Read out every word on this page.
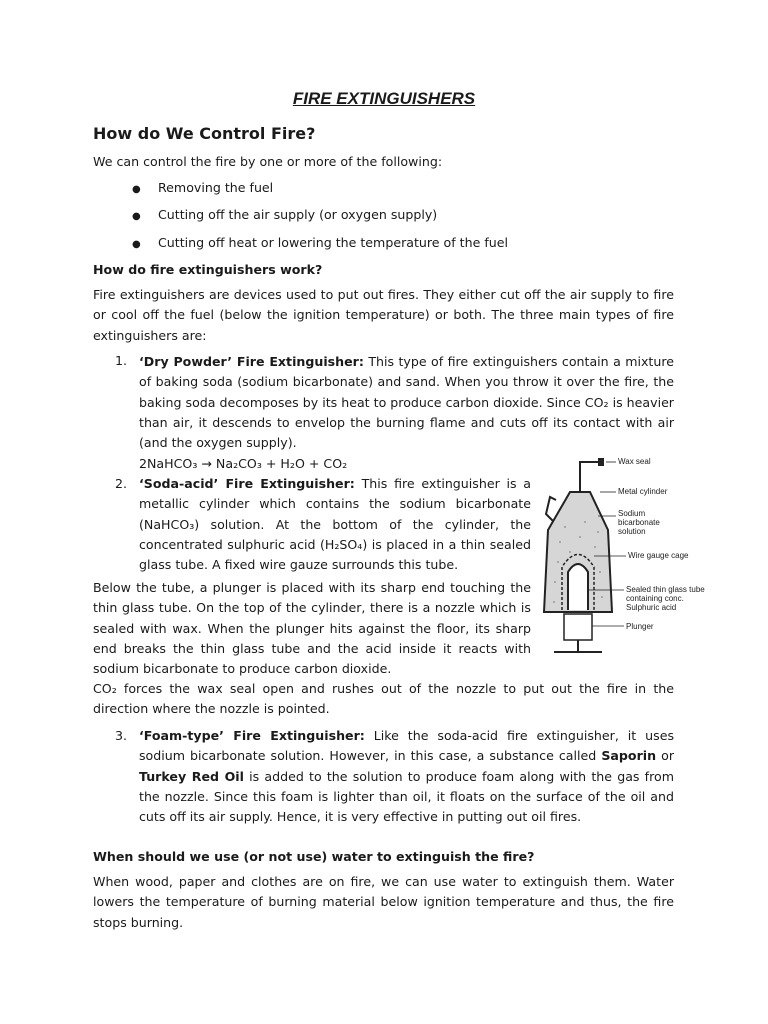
FIRE EXTINGUISHERS
How do We Control Fire?
We can control the fire by one or more of the following:
● Removing the fuel
● Cutting off the air supply (or oxygen supply)
● Cutting off heat or lowering the temperature of the fuel
How do fire extinguishers work?
Fire extinguishers are devices used to put out fires. They either cut off the air supply to fire or cool off the fuel (below the ignition temperature) or both. The three main types of fire extinguishers are:
1. ‘Dry Powder’ Fire Extinguisher: This type of fire extinguishers contain a mixture of baking soda (sodium bicarbonate) and sand. When you throw it over the fire, the baking soda decomposes by its heat to produce carbon dioxide. Since CO₂ is heavier than air, it descends to envelop the burning flame and cuts off its contact with air (and the oxygen supply).
2NaHCO₃ → Na₂CO₃ + H₂O + CO₂
2. ‘Soda-acid’ Fire Extinguisher: This fire extinguisher is a metallic cylinder which contains the sodium bicarbonate (NaHCO₃) solution. At the bottom of the cylinder, the concentrated sulphuric acid (H₂SO₄) is placed in a thin sealed glass tube. A fixed wire gauze surrounds this tube.
Below the tube, a plunger is placed with its sharp end touching the thin glass tube. On the top of the cylinder, there is a nozzle which is sealed with wax. When the plunger hits against the floor, its sharp end breaks the thin glass tube and the acid inside it reacts with sodium bicarbonate to produce carbon dioxide.
CO₂ forces the wax seal open and rushes out of the nozzle to put out the fire in the direction where the nozzle is pointed.
Wax seal
Metal cylinder
Sodium
bicarbonate
solution
Wire gauge cage
Sealed thin glass tube
containing conc.
Sulphuric acid
Plunger
3. ‘Foam-type’ Fire Extinguisher: Like the soda-acid fire extinguisher, it uses sodium bicarbonate solution. However, in this case, a substance called Saporin or Turkey Red Oil is added to the solution to produce foam along with the gas from the nozzle. Since this foam is lighter than oil, it floats on the surface of the oil and cuts off its air supply. Hence, it is very effective in putting out oil fires.
When should we use (or not use) water to extinguish the fire?
When wood, paper and clothes are on fire, we can use water to extinguish them. Water lowers the temperature of burning material below ignition temperature and thus, the fire stops burning.
